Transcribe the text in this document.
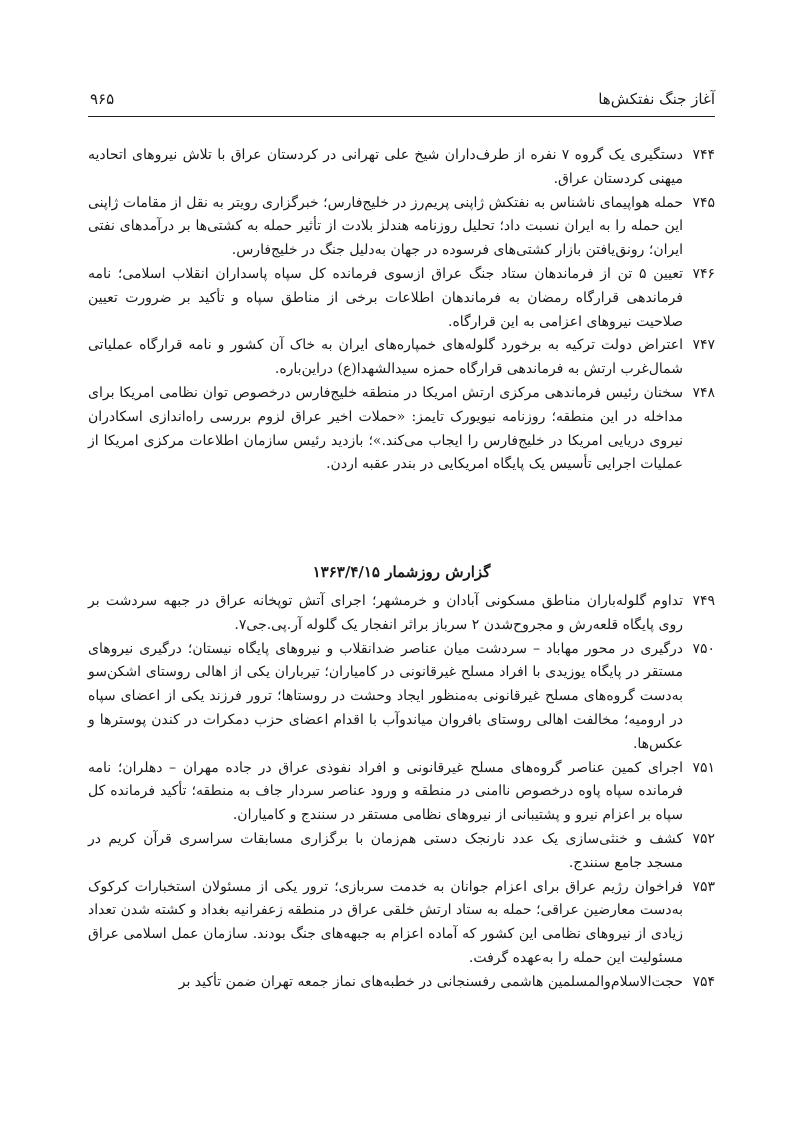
آغاز جنگ نفتکش‌ها
۹۶۵

۷۴۴
دستگیری یک گروه ۷ نفره از طرف‌داران شیخ علی تهرانی در کردستان عراق با تلاش نیروهای اتحادیه میهنی کردستان عراق.

۷۴۵
حمله هواپیمای ناشناس به نفتکش ژاپنی پریم‌رز در خلیج‌فارس؛ خبرگزاری رویتر به نقل از مقامات ژاپنی این حمله را به ایران نسبت داد؛ تحلیل روزنامه هندلز بلادت از تأثیر حمله به کشتی‌ها بر درآمدهای نفتی ایران؛ رونق‌یافتن بازار کشتی‌های فرسوده در جهان به‌دلیل جنگ در خلیج‌فارس.

۷۴۶
تعیین ۵ تن از فرماندهان ستاد جنگ عراق ازسوی فرمانده کل سپاه پاسداران انقلاب اسلامی؛ نامه فرماندهی قرارگاه رمضان به فرماندهان اطلاعات برخی از مناطق سپاه و تأکید بر ضرورت تعیین صلاحیت نیروهای اعزامی به این قرارگاه.

۷۴۷
اعتراض دولت ترکیه به برخورد گلوله‌های خمپاره‌های ایران به خاک آن کشور و نامه قرارگاه عملیاتی شمال‌غرب ارتش به فرماندهی قرارگاه حمزه سیدالشهدا(ع) دراین‌باره.

۷۴۸
سخنان رئیس فرماندهی مرکزی ارتش امریکا در منطقه خلیج‌فارس درخصوص توان نظامی امریکا برای مداخله در این منطقه؛ روزنامه نیویورک تایمز: «حملات اخیر عراق لزوم بررسی راه‌اندازی اسکادران نیروی دریایی امریکا در خلیج‌فارس را ایجاب می‌کند.»؛ بازدید رئیس سازمان اطلاعات مرکزی امریکا از عملیات اجرایی تأسیس یک پایگاه امریکایی در بندر عقبه اردن.

گزارش روزشمار ۱۳۶۳/۴/۱۵

۷۴۹
تداوم گلوله‌باران مناطق مسکونی آبادان و خرمشهر؛ اجرای آتش توپخانه عراق در جبهه سردشت بر روی پایگاه قلعه‌رش و مجروح‌شدن ۲ سرباز براثر انفجار یک گلوله آر.پی.جی۷.

۷۵۰
درگیری در محور مهاباد – سردشت میان عناصر ضدانقلاب و نیروهای پایگاه نیستان؛ درگیری نیروهای مستقر در پایگاه یوزیدی با افراد مسلح غیرقانونی در کامیاران؛ تیرباران یکی از اهالی روستای اشکن‌سو به‌دست گروه‌های مسلح غیرقانونی به‌منظور ایجاد وحشت در روستاها؛ ترور فرزند یکی از اعضای سپاه در ارومیه؛ مخالفت اهالی روستای بافروان میاندوآب با اقدام اعضای حزب دمکرات در کندن پوسترها و عکس‌ها.

۷۵۱
اجرای کمین عناصر گروه‌های مسلح غیرقانونی و افراد نفوذی عراق در جاده مهران – دهلران؛ نامه فرمانده سپاه پاوه درخصوص ناامنی در منطقه و ورود عناصر سردار جاف به منطقه؛ تأکید فرمانده کل سپاه بر اعزام نیرو و پشتیبانی از نیروهای نظامی مستقر در سنندج و کامیاران.

۷۵۲
کشف و خنثی‌سازی یک عدد نارنجک دستی هم‌زمان با برگزاری مسابقات سراسری قرآن کریم در مسجد جامع سنندج.

۷۵۳
فراخوان رژیم عراق برای اعزام جوانان به خدمت سربازی؛ ترور یکی از مسئولان استخبارات کرکوک به‌دست معارضین عراقی؛ حمله به ستاد ارتش خلقی عراق در منطقه زعفرانیه بغداد و کشته شدن تعداد زیادی از نیروهای نظامی این کشور که آماده اعزام به جبهه‌های جنگ بودند. سازمان عمل اسلامی عراق مسئولیت این حمله را به‌عهده گرفت.

۷۵۴
حجت‌الاسلام‌والمسلمین هاشمی رفسنجانی در خطبه‌های نماز جمعه تهران ضمن تأکید بر
